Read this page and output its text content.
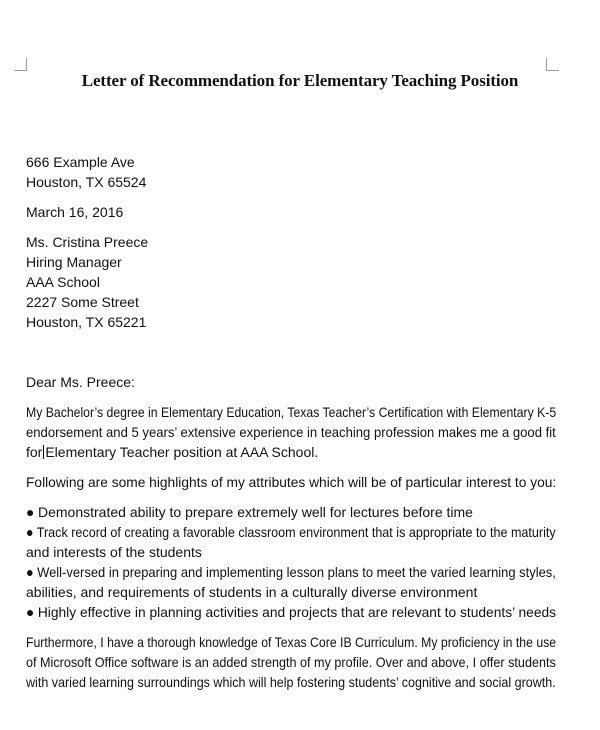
Letter of Recommendation for Elementary Teaching Position
666 Example Ave
Houston, TX 65524
March 16, 2016
Ms. Cristina Preece
Hiring Manager
AAA School
2227 Some Street
Houston, TX 65221
Dear Ms. Preece:
My Bachelor’s degree in Elementary Education, Texas Teacher’s Certification with Elementary K-5
endorsement and 5 years’ extensive experience in teaching profession makes me a good fit
for Elementary Teacher position at AAA School.
Following are some highlights of my attributes which will be of particular interest to you:
● Demonstrated ability to prepare extremely well for lectures before time
● Track record of creating a favorable classroom environment that is appropriate to the maturity
and interests of the students
● Well-versed in preparing and implementing lesson plans to meet the varied learning styles,
abilities, and requirements of students in a culturally diverse environment
● Highly effective in planning activities and projects that are relevant to students’ needs
Furthermore, I have a thorough knowledge of Texas Core IB Curriculum. My proficiency in the use
of Microsoft Office software is an added strength of my profile. Over and above, I offer students
with varied learning surroundings which will help fostering students’ cognitive and social growth.
